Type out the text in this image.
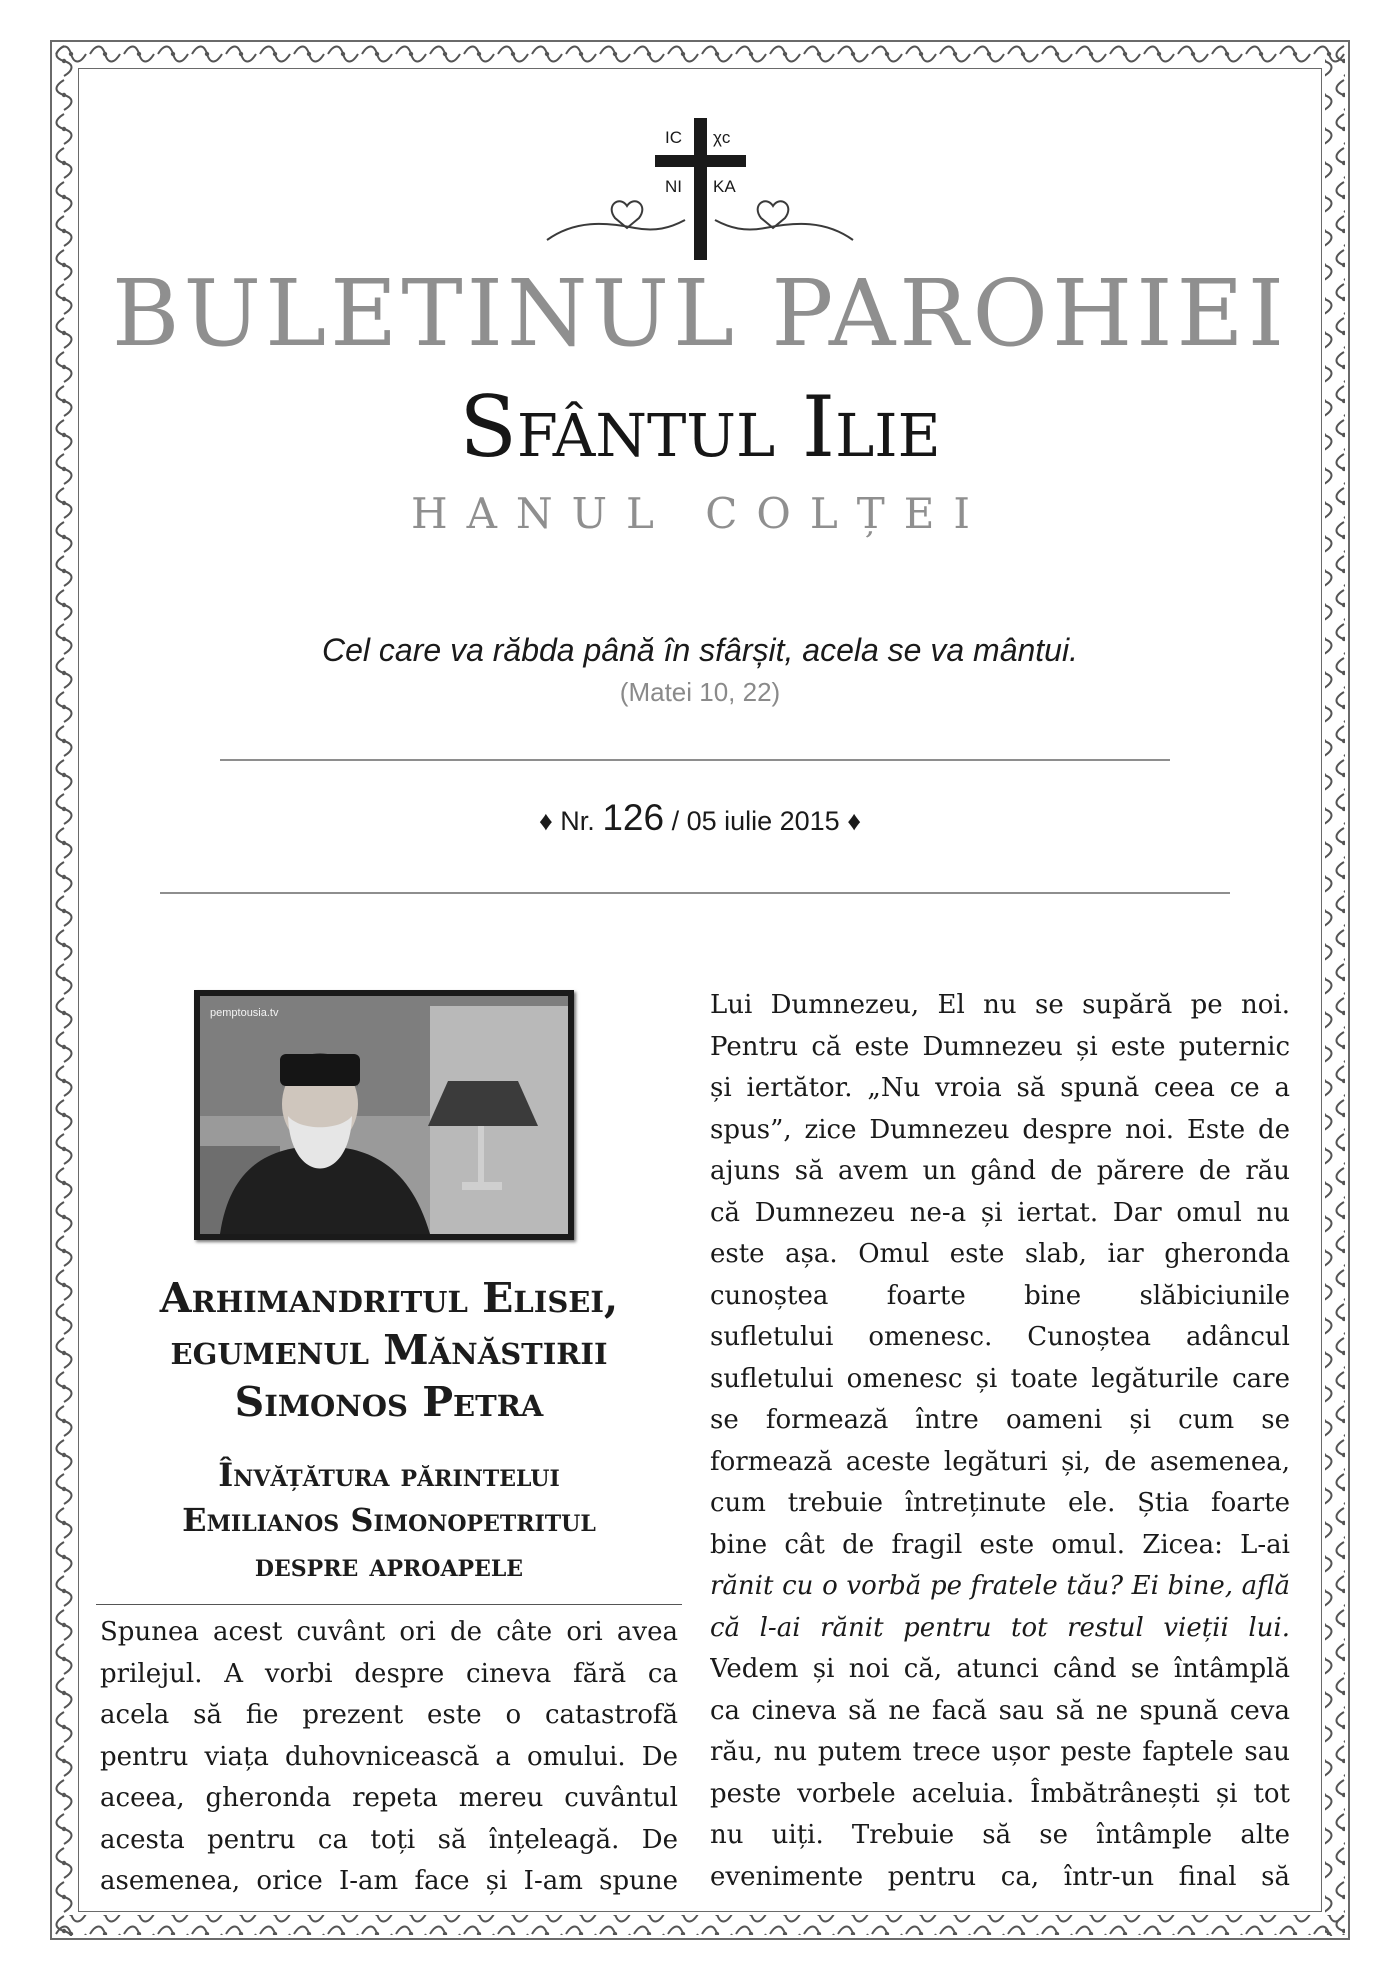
IC χc
NI KA
BULETINUL PAROHIEI
Sfântul Ilie
HANUL COLȚEI
Cel care va răbda până în sfârșit, acela se va mântui.
(Matei 10, 22)
♦ Nr. 126 / 05 iulie 2015 ♦
pemptousia.tv
Arhimandritul Elisei,
egumenul Mănăstirii
Simonos Petra
Învățătura părintelui
Emilianos Simonopetritul
despre aproapele
Spunea acest cuvânt ori de câte ori avea
prilejul. A vorbi despre cineva fără ca
acela să fie prezent este o catastrofă
pentru viața duhovnicească a omului. De
aceea, gheronda repeta mereu cuvântul
acesta pentru ca toți să înțeleagă. De
asemenea, orice I-am face și I-am spune
Lui Dumnezeu, El nu se supără pe noi.
Pentru că este Dumnezeu și este puternic
și iertător. „Nu vroia să spună ceea ce a
spus”, zice Dumnezeu despre noi. Este de
ajuns să avem un gând de părere de rău
că Dumnezeu ne-a și iertat. Dar omul nu
este așa. Omul este slab, iar gheronda
cunoștea foarte bine slăbiciunile
sufletului omenesc. Cunoștea adâncul
sufletului omenesc și toate legăturile care
se formează între oameni și cum se
formează aceste legături și, de asemenea,
cum trebuie întreținute ele. Știa foarte
bine cât de fragil este omul. Zicea: L-ai
rănit cu o vorbă pe fratele tău? Ei bine, află
că l-ai rănit pentru tot restul vieții lui.
Vedem și noi că, atunci când se întâmplă
ca cineva să ne facă sau să ne spună ceva
rău, nu putem trece ușor peste faptele sau
peste vorbele aceluia. Îmbătrânești și tot
nu uiți. Trebuie să se întâmple alte
evenimente pentru ca, într-un final să
